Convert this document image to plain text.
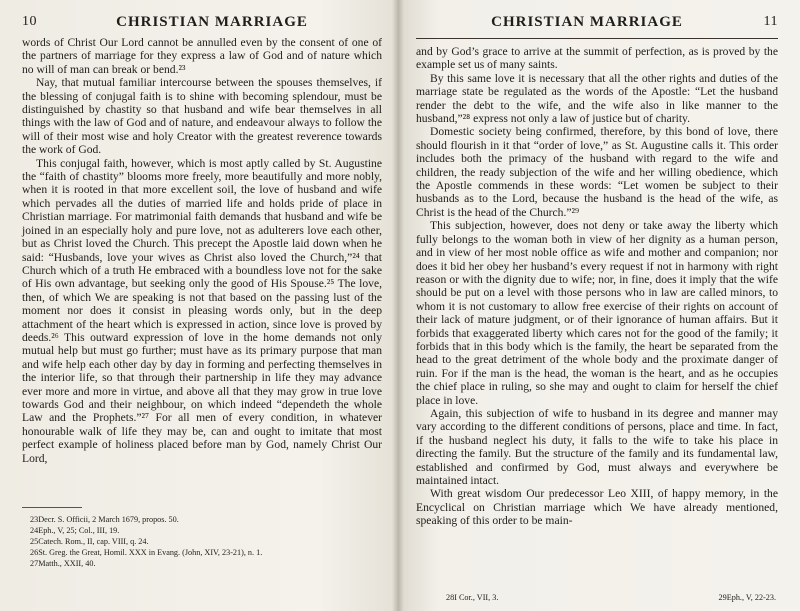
10	CHRISTIAN MARRIAGE

words of Christ Our Lord cannot be annulled even by the consent of one of the partners of marriage for they express a law of God and of nature which no will of man can break or bend.²³

Nay, that mutual familiar intercourse between the spouses themselves, if the blessing of conjugal faith is to shine with becoming splendour, must be distinguished by chastity so that husband and wife bear themselves in all things with the law of God and of nature, and endeavour always to follow the will of their most wise and holy Creator with the greatest reverence towards the work of God.

This conjugal faith, however, which is most aptly called by St. Augustine the “faith of chastity” blooms more freely, more beautifully and more nobly, when it is rooted in that more excellent soil, the love of husband and wife which pervades all the duties of married life and holds pride of place in Christian marriage. For matrimonial faith demands that husband and wife be joined in an especially holy and pure love, not as adulterers love each other, but as Christ loved the Church. This precept the Apostle laid down when he said: “Husbands, love your wives as Christ also loved the Church,”²⁴ that Church which of a truth He embraced with a boundless love not for the sake of His own advantage, but seeking only the good of His Spouse.²⁵ The love, then, of which We are speaking is not that based on the passing lust of the moment nor does it consist in pleasing words only, but in the deep attachment of the heart which is expressed in action, since love is proved by deeds.²⁶ This outward expression of love in the home demands not only mutual help but must go further; must have as its primary purpose that man and wife help each other day by day in forming and perfecting themselves in the interior life, so that through their partnership in life they may advance ever more and more in virtue, and above all that they may grow in true love towards God and their neighbour, on which indeed “dependeth the whole Law and the Prophets.”²⁷ For all men of every condition, in whatever honourable walk of life they may be, can and ought to imitate that most perfect example of holiness placed before man by God, namely Christ Our Lord,

23Decr. S. Officii, 2 March 1679, propos. 50.

24Eph., V, 25; Col., III, 19.

25Catech. Rom., II, cap. VIII, q. 24.

26St. Greg. the Great, Homil. XXX in Evang. (John, XIV, 23-21), n. 1.

27Matth., XXII, 40.

CHRISTIAN MARRIAGE	11

and by God’s grace to arrive at the summit of perfection, as is proved by the example set us of many saints.

By this same love it is necessary that all the other rights and duties of the marriage state be regulated as the words of the Apostle: “Let the husband render the debt to the wife, and the wife also in like manner to the husband,”²⁸ express not only a law of justice but of charity.

Domestic society being confirmed, therefore, by this bond of love, there should flourish in it that “order of love,” as St. Augustine calls it. This order includes both the primacy of the husband with regard to the wife and children, the ready subjection of the wife and her willing obedience, which the Apostle commends in these words: “Let women be subject to their husbands as to the Lord, because the husband is the head of the wife, as Christ is the head of the Church.”²⁹

This subjection, however, does not deny or take away the liberty which fully belongs to the woman both in view of her dignity as a human person, and in view of her most noble office as wife and mother and companion; nor does it bid her obey her husband’s every request if not in harmony with right reason or with the dignity due to wife; nor, in fine, does it imply that the wife should be put on a level with those persons who in law are called minors, to whom it is not customary to allow free exercise of their rights on account of their lack of mature judgment, or of their ignorance of human affairs. But it forbids that exaggerated liberty which cares not for the good of the family; it forbids that in this body which is the family, the heart be separated from the head to the great detriment of the whole body and the proximate danger of ruin. For if the man is the head, the woman is the heart, and as he occupies the chief place in ruling, so she may and ought to claim for herself the chief place in love.

Again, this subjection of wife to husband in its degree and manner may vary according to the different conditions of persons, place and time. In fact, if the husband neglect his duty, it falls to the wife to take his place in directing the family. But the structure of the family and its fundamental law, established and confirmed by God, must always and everywhere be maintained intact.

With great wisdom Our predecessor Leo XIII, of happy memory, in the Encyclical on Christian marriage which We have already mentioned, speaking of this order to be main-

28I Cor., VII, 3.	29Eph., V, 22-23.
